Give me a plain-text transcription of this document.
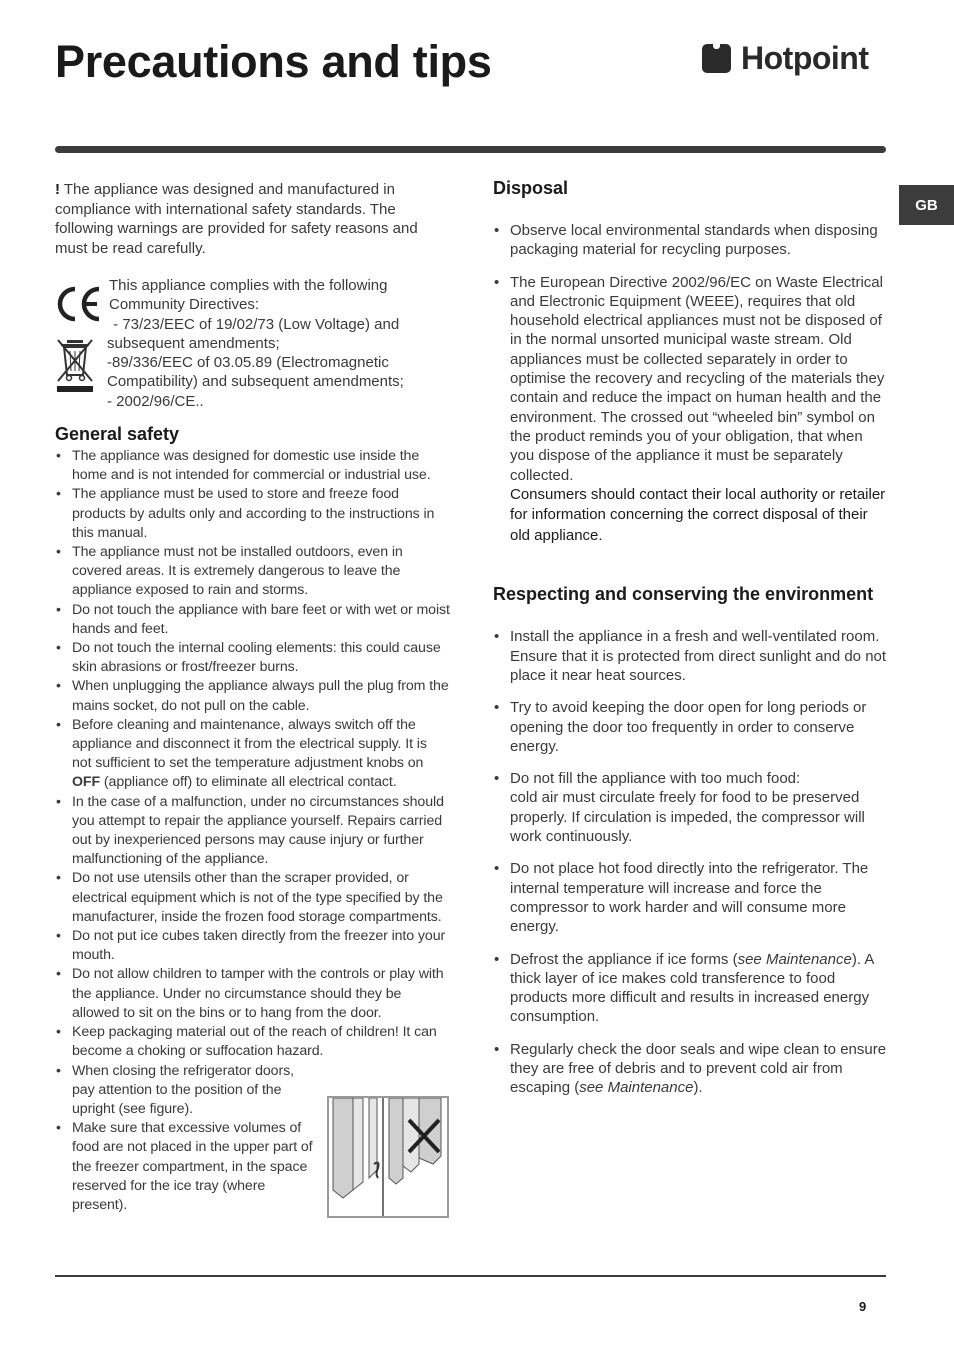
Precautions and tips	Hotpoint
GB

! The appliance was designed and manufactured in compliance with international safety standards. The following warnings are provided for safety reasons and must be read carefully.

This appliance complies with the following
Community Directives:
- 73/23/EEC of 19/02/73 (Low Voltage) and
subsequent amendments;
-89/336/EEC of 03.05.89 (Electromagnetic
Compatibility) and subsequent amendments;
- 2002/96/CE..
General safety
• The appliance was designed for domestic use inside the home and is not intended for commercial or industrial use.
• The appliance must be used to store and freeze food products by adults only and according to the instructions in this manual.
• The appliance must not be installed outdoors, even in covered areas. It is extremely dangerous to leave the appliance exposed to rain and storms.
• Do not touch the appliance with bare feet or with wet or moist hands and feet.
• Do not touch the internal cooling elements: this could cause skin abrasions or frost/freezer burns.
• When unplugging the appliance always pull the plug from the mains socket, do not pull on the cable.
• Before cleaning and maintenance, always switch off the appliance and disconnect it from the electrical supply. It is not sufficient to set the temperature adjustment knobs on OFF (appliance off) to eliminate all electrical contact.
• In the case of a malfunction, under no circumstances should you attempt to repair the appliance yourself. Repairs carried out by inexperienced persons may cause injury or further malfunctioning of the appliance.
• Do not use utensils other than the scraper provided, or electrical equipment which is not of the type specified by the manufacturer, inside the frozen food storage compartments.
• Do not put ice cubes taken directly from the freezer into your mouth.
• Do not allow children to tamper with the controls or play with the appliance. Under no circumstance should they be allowed to sit on the bins or to hang from the door.
• Keep packaging material out of the reach of children! It can become a choking or suffocation hazard.
• When closing the refrigerator doors, pay attention to the position of the upright (see figure).
• Make sure that excessive volumes of food are not placed in the upper part of the freezer compartment, in the space reserved for the ice tray (where present).
Disposal
• Observe local environmental standards when disposing packaging material for recycling purposes.
• The European Directive 2002/96/EC on Waste Electrical and Electronic Equipment (WEEE), requires that old household electrical appliances must not be disposed of in the normal unsorted municipal waste stream. Old appliances must be collected separately in order to optimise the recovery and recycling of the materials they contain and reduce the impact on human health and the environment. The crossed out “wheeled bin” symbol on the product reminds you of your obligation, that when you dispose of the appliance it must be separately collected.
Consumers should contact their local authority or retailer for information concerning the correct disposal of their old appliance.
Respecting and conserving the environment
• Install the appliance in a fresh and well-ventilated room. Ensure that it is protected from direct sunlight and do not place it near heat sources.
• Try to avoid keeping the door open for long periods or opening the door too frequently in order to conserve energy.
• Do not fill the appliance with too much food:
cold air must circulate freely for food to be preserved properly. If circulation is impeded, the compressor will work continuously.
• Do not place hot food directly into the refrigerator. The internal temperature will increase and force the compressor to work harder and will consume more energy.
• Defrost the appliance if ice forms (see Maintenance). A thick layer of ice makes cold transference to food products more difficult and results in increased energy consumption.
• Regularly check the door seals and wipe clean to ensure they are free of debris and to prevent cold air from escaping (see Maintenance).
9
